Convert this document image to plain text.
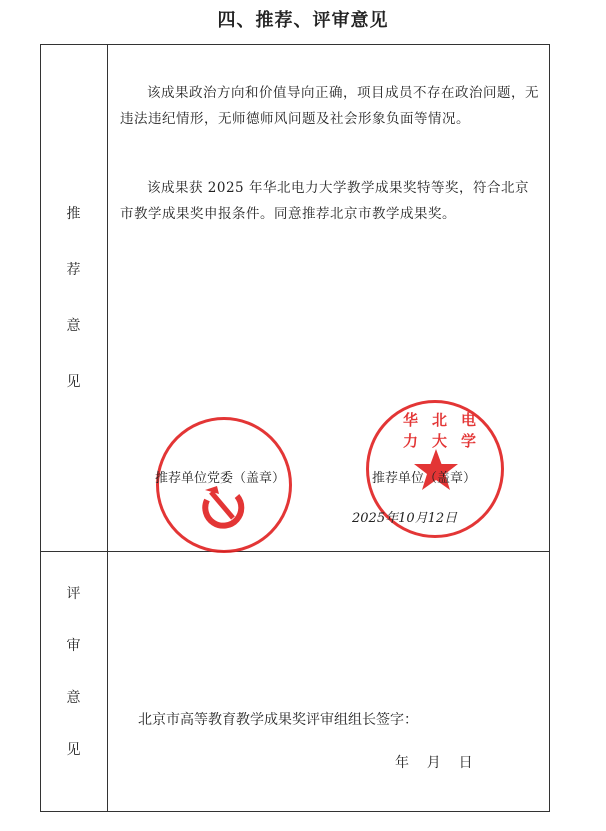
四、推荐、评审意见
推
荐
意
见
该成果政治方向和价值导向正确，项目成员不存在政治问题，无违法违纪情形，无师德师风问题及社会形象负面等情况。
该成果获 2025 年华北电力大学教学成果奖特等奖，符合北京市教学成果奖申报条件。同意推荐北京市教学成果奖。
华北电力大学
推荐单位党委（盖章）	推荐单位（盖章）
2025年10月12日
评
审
意
见
北京市高等教育教学成果奖评审组组长签字：
年    月    日
